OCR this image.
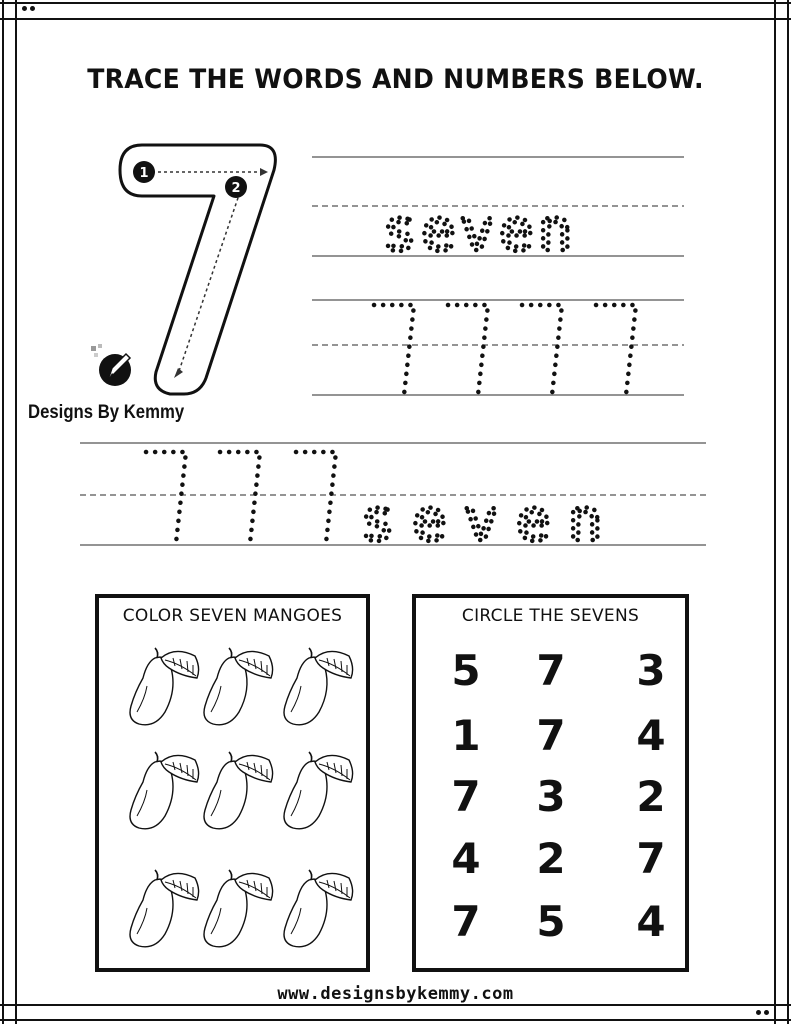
TRACE THE WORDS AND NUMBERS BELOW.
1
2
Designs By Kemmy
seven
seven
COLOR SEVEN MANGOES	CIRCLE THE SEVENS
5	7	3
1	7	4
7	3	2
4	2	7
7	5	4
www.designsbykemmy.com
